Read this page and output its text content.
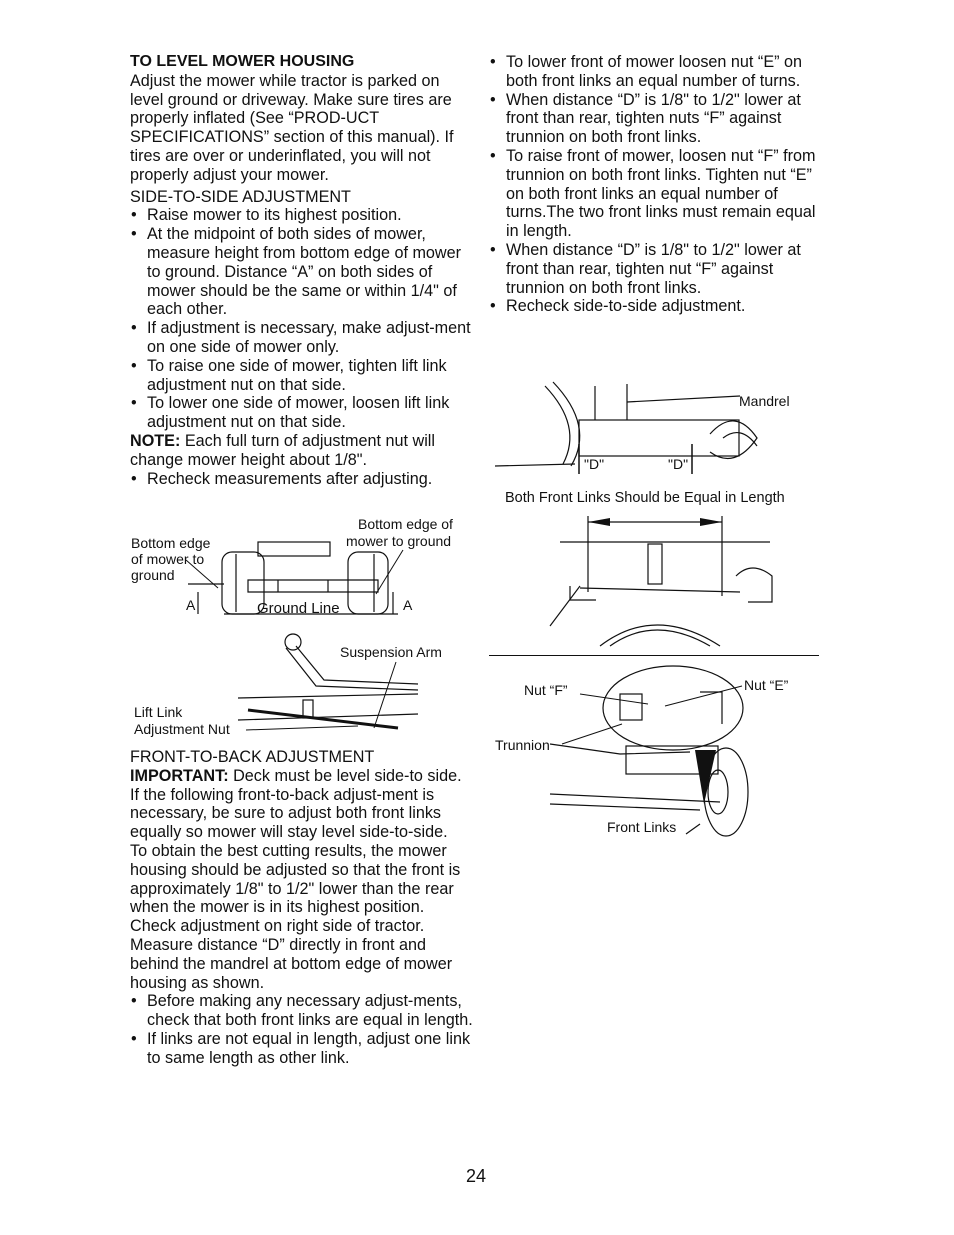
TO LEVEL MOWER HOUSING

Adjust the mower while tractor is parked on level ground or driveway. Make sure tires are properly inflated (See “PROD-UCT SPECIFICATIONS” section of this manual). If tires are over or underinflated, you will not properly adjust your mower.

SIDE-TO-SIDE ADJUSTMENT
• Raise mower to its highest position.
• At the midpoint of both sides of mower, measure height from bottom edge of mower to ground. Distance “A” on both sides of mower should be the same or within 1/4" of each other.
• If adjustment is necessary, make adjust-ment on one side of mower only.
• To raise one side of mower, tighten lift link adjustment nut on that side.
• To lower one side of mower, loosen lift link adjustment nut on that side.

NOTE: Each full turn of adjustment nut will change mower height about 1/8".

• Recheck measurements after adjusting.
FRONT-TO-BACK ADJUSTMENT

IMPORTANT: Deck must be level side-to side. If the following front-to-back adjust-ment is necessary, be sure to adjust both front links equally so mower will stay level side-to-side.

To obtain the best cutting results, the mower housing should be adjusted so that the front is approximately 1/8" to 1/2" lower than the rear when the mower is in its highest position.

Check adjustment on right side of tractor. Measure distance “D” directly in front and behind the mandrel at bottom edge of mower housing as shown.

• Before making any necessary adjust-ments, check that both front links are equal in length.
• If links are not equal in length, adjust one link to same length as other link.
• To lower front of mower loosen nut “E” on both front links an equal number of turns.
• When distance “D” is 1/8" to 1/2" lower at front than rear, tighten nuts “F” against trunnion on both front links.
• To raise front of mower, loosen nut “F” from trunnion on both front links. Tighten nut “E” on both front links an equal number of turns.The two front links must remain equal in length.
• When distance “D” is 1/8" to 1/2" lower at front than rear, tighten nut “F” against trunnion on both front links.
• Recheck side-to-side adjustment.
Bottom edge of
mower to ground
Bottom edge
of mower to
ground
A	Ground Line	A
Suspension Arm
Lift Link
Adjustment Nut
Mandrel
"D"	"D"
Both Front Links Should be Equal in Length
Nut “F”	Nut “E”
Trunnion
Front Links
24
